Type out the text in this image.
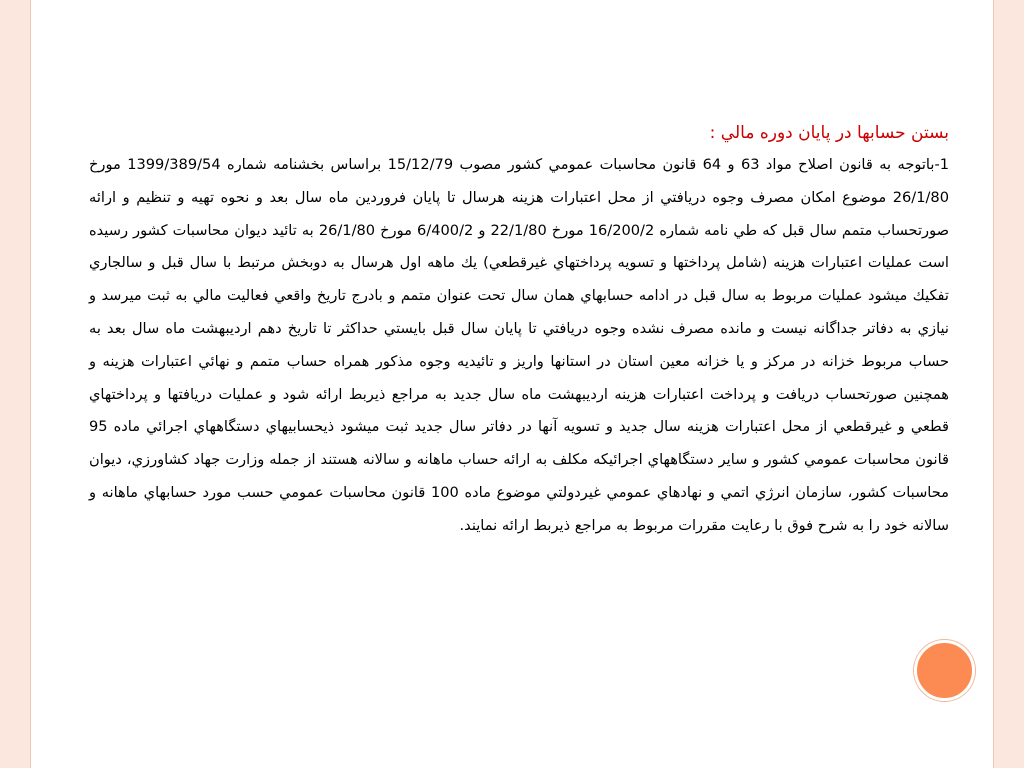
بستن حسابها در پايان دوره مالي :

1-باتوجه به قانون اصلاح مواد 63 و 64 قانون محاسبات عمومي كشور مصوب 15/12/79 براساس بخشنامه شماره 1399/389/54 مورخ 26/1/80 موضوع امكان مصرف وجوه دريافتي از محل اعتبارات هزينه هرسال تا پايان فروردين ماه سال بعد و نحوه تهيه و تنظيم و ارائه صورتحساب متمم سال قبل كه طي نامه شماره 16/200/2 مورخ 22/1/80 و 6/400/2 مورخ 26/1/80 به تائيد ديوان محاسبات كشور رسيده است عمليات اعتبارات هزينه (شامل پرداختها و تسويه پرداختهاي غيرقطعي) يك ماهه اول هرسال به دوبخش مرتبط با سال قبل و سالجاري تفكيك ميشود عمليات مربوط به سال قبل در ادامه حسابهاي همان سال تحت عنوان متمم و بادرج تاريخ واقعي فعاليت مالي به ثبت ميرسد و نيازي به دفاتر جداگانه نيست و مانده مصرف نشده وجوه دريافتي تا پايان سال قبل بايستي حداكثر تا تاريخ دهم ارديبهشت ماه سال بعد به حساب مربوط خزانه در مركز و يا خزانه معين استان در استانها واريز و تائيديه وجوه مذكور همراه حساب متمم و نهائي اعتبارات هزينه و همچنين صورتحساب دريافت و پرداخت اعتبارات هزينه ارديبهشت ماه سال جديد به مراجع ذيربط ارائه شود و عمليات دريافتها و پرداختهاي قطعي و غيرقطعي از محل اعتبارات هزينه سال جديد و تسويه آنها در دفاتر سال جديد ثبت ميشود ذيحسابيهاي دستگاههاي اجرائي ماده 95 قانون محاسبات عمومي كشور و ساير دستگاههاي اجرائيكه مكلف به ارائه حساب ماهانه و سالانه هستند از جمله وزارت جهاد كشاورزي، ديوان محاسبات كشور، سازمان انرژي اتمي و نهادهاي عمومي غيردولتي موضوع ماده 100 قانون محاسبات عمومي حسب مورد حسابهاي ماهانه و سالانه خود را به شرح فوق با رعايت مقررات مربوط به مراجع ذيربط ارائه نمايند.
